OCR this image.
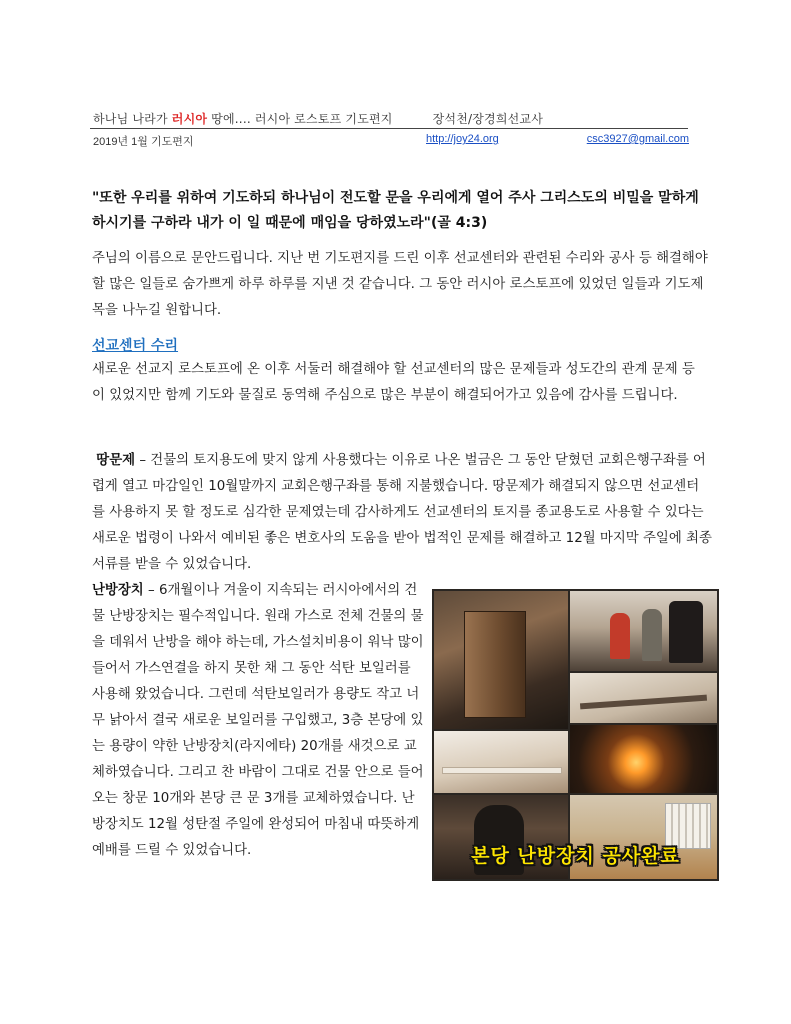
하나님 나라가 러시아 땅에.... 러시아 로스토프 기도편지	장석천/장경희선교사
2019년 1월 기도편지	http://joy24.org	csc3927@gmail.com
"또한 우리를 위하여 기도하되 하나님이 전도할 문을 우리에게 열어 주사 그리스도의 비밀을 말하게 하시기를 구하라 내가 이 일 때문에 매임을 당하였노라"(골 4:3)
주님의 이름으로 문안드립니다. 지난 번 기도편지를 드린 이후 선교센터와 관련된 수리와 공사 등 해결해야 할 많은 일들로 숨가쁘게 하루 하루를 지낸 것 같습니다. 그 동안 러시아 로스토프에 있었던 일들과 기도제목을 나누길 원합니다.
선교센터 수리
새로운 선교지 로스토프에 온 이후 서둘러 해결해야 할 선교센터의 많은 문제들과 성도간의 관계 문제 등이 있었지만 함께 기도와 물질로 동역해 주심으로 많은 부분이 해결되어가고 있음에 감사를 드립니다.
땅문제 – 건물의 토지용도에 맞지 않게 사용했다는 이유로 나온 벌금은 그 동안 닫혔던 교회은행구좌를 어렵게 열고 마감일인 10월말까지 교회은행구좌를 통해 지불했습니다. 땅문제가 해결되지 않으면 선교센터를 사용하지 못 할 정도로 심각한 문제였는데 감사하게도 선교센터의 토지를 종교용도로 사용할 수 있다는 새로운 법령이 나와서 예비된 좋은 변호사의 도움을 받아 법적인 문제를 해결하고 12월 마지막 주일에 최종 서류를 받을 수 있었습니다.
난방장치 – 6개월이나 겨울이 지속되는 러시아에서의 건물 난방장치는 필수적입니다. 원래 가스로 전체 건물의 물을 데워서 난방을 해야 하는데, 가스설치비용이 워낙 많이 들어서 가스연결을 하지 못한 채 그 동안 석탄 보일러를 사용해 왔었습니다. 그런데 석탄보일러가 용량도 작고 너무 낡아서 결국 새로운 보일러를 구입했고, 3층 본당에 있는 용량이 약한 난방장치(라지에타) 20개를 새것으로 교체하였습니다. 그리고 찬 바람이 그대로 건물 안으로 들어오는 창문 10개와 본당 큰 문 3개를 교체하였습니다. 난방장치도 12월 성탄절 주일에 완성되어 마침내 따뜻하게 예배를 드릴 수 있었습니다.	본당 난방장치 공사완료
